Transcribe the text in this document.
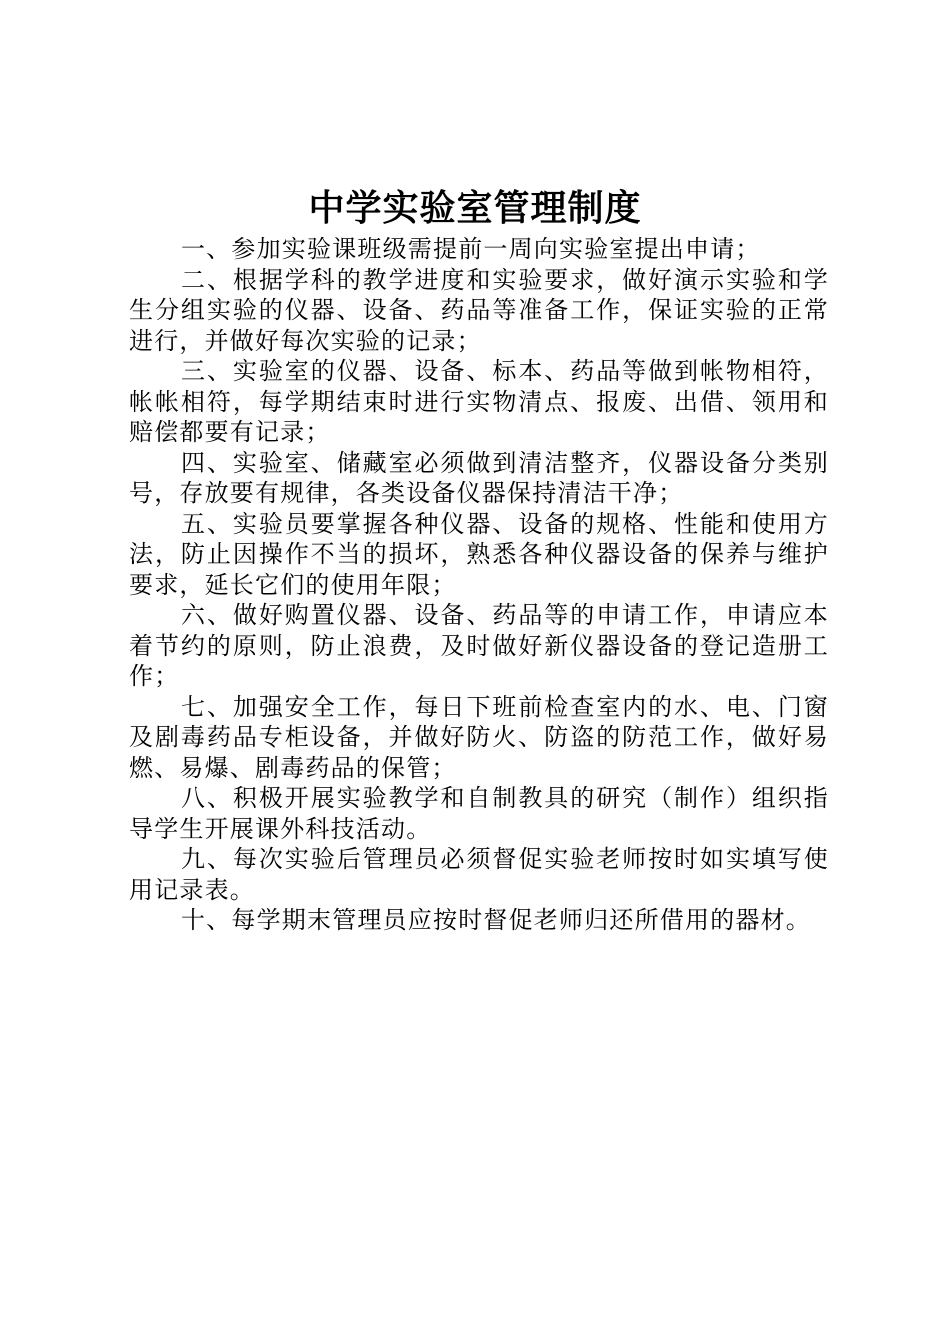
中学实验室管理制度

一、参加实验课班级需提前一周向实验室提出申请；

二、根据学科的教学进度和实验要求，做好演示实验和学生分组实验的仪器、设备、药品等准备工作，保证实验的正常进行，并做好每次实验的记录；

三、实验室的仪器、设备、标本、药品等做到帐物相符，帐帐相符，每学期结束时进行实物清点、报废、出借、领用和赔偿都要有记录；

四、实验室、储藏室必须做到清洁整齐，仪器设备分类别号，存放要有规律，各类设备仪器保持清洁干净；

五、实验员要掌握各种仪器、设备的规格、性能和使用方法，防止因操作不当的损坏，熟悉各种仪器设备的保养与维护要求，延长它们的使用年限；

六、做好购置仪器、设备、药品等的申请工作，申请应本着节约的原则，防止浪费，及时做好新仪器设备的登记造册工作；

七、加强安全工作，每日下班前检查室内的水、电、门窗及剧毒药品专柜设备，并做好防火、防盗的防范工作，做好易燃、易爆、剧毒药品的保管；

八、积极开展实验教学和自制教具的研究（制作）组织指导学生开展课外科技活动。

九、每次实验后管理员必须督促实验老师按时如实填写使用记录表。

十、每学期末管理员应按时督促老师归还所借用的器材。
